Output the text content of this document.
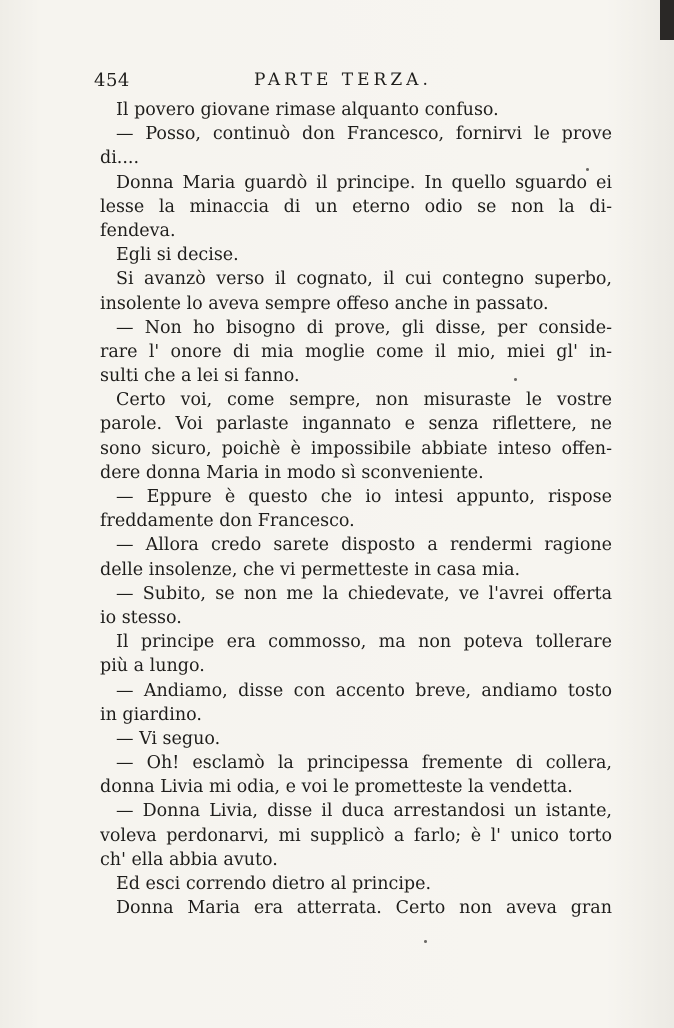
454	PARTE TERZA.
Il povero giovane rimase alquanto confuso.
— Posso, continuò don Francesco, fornirvi le prove
di....
Donna Maria guardò il principe. In quello sguardo ei
lesse la minaccia di un eterno odio se non la di-
fendeva.
Egli si decise.
Si avanzò verso il cognato, il cui contegno superbo,
insolente lo aveva sempre offeso anche in passato.
— Non ho bisogno di prove, gli disse, per conside-
rare l' onore di mia moglie come il mio, miei gl' in-
sulti che a lei si fanno.
Certo voi, come sempre, non misuraste le vostre
parole. Voi parlaste ingannato e senza riflettere, ne
sono sicuro, poichè è impossibile abbiate inteso offen-
dere donna Maria in modo sì sconveniente.
— Eppure è questo che io intesi appunto, rispose
freddamente don Francesco.
— Allora credo sarete disposto a rendermi ragione
delle insolenze, che vi permetteste in casa mia.
— Subito, se non me la chiedevate, ve l'avrei offerta
io stesso.
Il principe era commosso, ma non poteva tollerare
più a lungo.
— Andiamo, disse con accento breve, andiamo tosto
in giardino.
— Vi seguo.
— Oh! esclamò la principessa fremente di collera,
donna Livia mi odia, e voi le prometteste la vendetta.
— Donna Livia, disse il duca arrestandosi un istante,
voleva perdonarvi, mi supplicò a farlo; è l' unico torto
ch' ella abbia avuto.
Ed esci correndo dietro al principe.
Donna Maria era atterrata. Certo non aveva gran
